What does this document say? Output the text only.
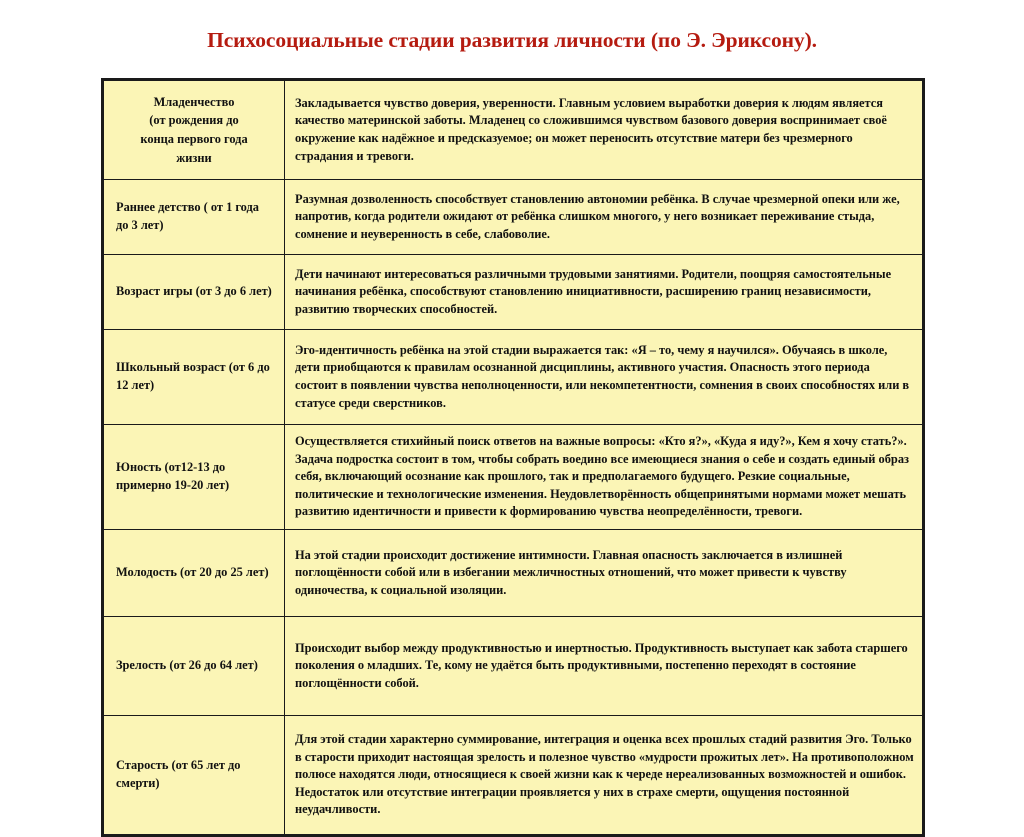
Психосоциальные стадии развития личности (по Э. Эриксону).
Младенчество
(от рождения до
конца первого года
жизни
	Закладывается чувство доверия, уверенности. Главным условием выработки доверия к людям является качество материнской заботы. Младенец со сложившимся чувством базового доверия воспринимает своё окружение как надёжное и предсказуемое; он может переносить отсутствие матери без чрезмерного страдания и тревоги.
Раннее детство ( от 1 года до 3 лет)	Разумная дозволенность способствует становлению автономии ребёнка. В случае чрезмерной опеки или же, напротив, когда родители ожидают от ребёнка слишком многого, у него возникает переживание стыда, сомнение и неуверенность в себе, слабоволие.
Возраст игры (от 3 до 6 лет)	Дети начинают интересоваться различными трудовыми занятиями. Родители, поощряя самостоятельные начинания ребёнка, способствуют становлению инициативности, расширению границ независимости, развитию творческих способностей.
Школьный возраст (от 6 до 12 лет)	Эго-идентичность ребёнка на этой стадии выражается так: «Я – то, чему я научился». Обучаясь в школе, дети приобщаются к правилам осознанной дисциплины, активного участия. Опасность этого периода состоит в появлении чувства неполноценности, или некомпетентности, сомнения в своих способностях или в статусе среди сверстников.
Юность (от12-13 до примерно 19-20 лет)	Осуществляется стихийный поиск ответов на важные вопросы: «Кто я?», «Куда я иду?», Кем я хочу стать?». Задача подростка состоит в том, чтобы собрать воедино все имеющиеся знания о себе и создать единый образ себя, включающий осознание как прошлого, так и предполагаемого будущего. Резкие социальные, политические и технологические изменения. Неудовлетворённость общепринятыми нормами может мешать развитию идентичности и привести к формированию чувства неопределённости, тревоги.
Молодость (от 20 до 25 лет)	На этой стадии происходит достижение интимности. Главная опасность заключается в излишней поглощённости собой или в избегании межличностных отношений, что может привести к чувству одиночества, к социальной изоляции.
Зрелость (от 26 до 64 лет)	Происходит выбор между продуктивностью и инертностью. Продуктивность выступает как забота старшего поколения о младших. Те, кому не удаётся быть продуктивными, постепенно переходят в состояние поглощённости собой.
Старость (от 65 лет до смерти)	Для этой стадии характерно суммирование, интеграция и оценка всех прошлых стадий развития Эго. Только в старости приходит настоящая зрелость и полезное чувство «мудрости прожитых лет». На противоположном полюсе находятся люди, относящиеся к своей жизни как к череде нереализованных возможностей и ошибок. Недостаток или отсутствие интеграции проявляется у них в страхе смерти, ощущения постоянной неудачливости.
